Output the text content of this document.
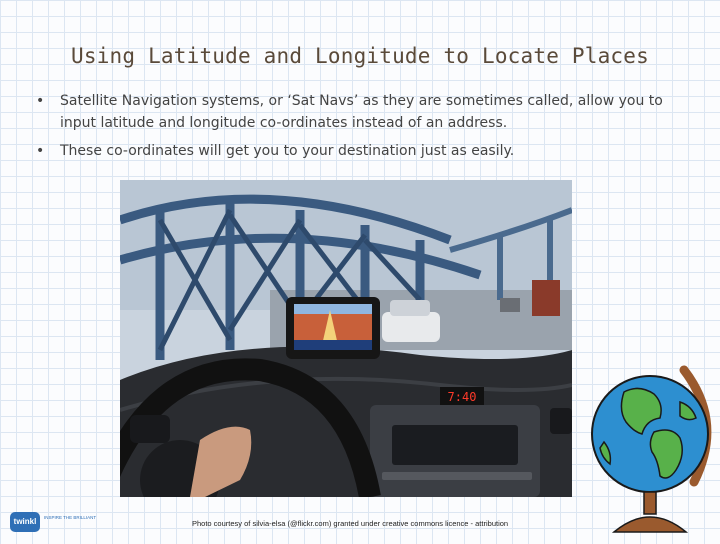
Using Latitude and Longitude to Locate Places
• Satellite Navigation systems, or ‘Sat Navs’ as they are sometimes called, allow you to input latitude and longitude co-ordinates instead of an address.
• These co-ordinates will get you to your destination just as easily.
7:40
Photo courtesy of silvia-elsa (@flickr.com) granted under creative commons licence - attribution
twinkl	INSPIRE THE BRILLIANT
